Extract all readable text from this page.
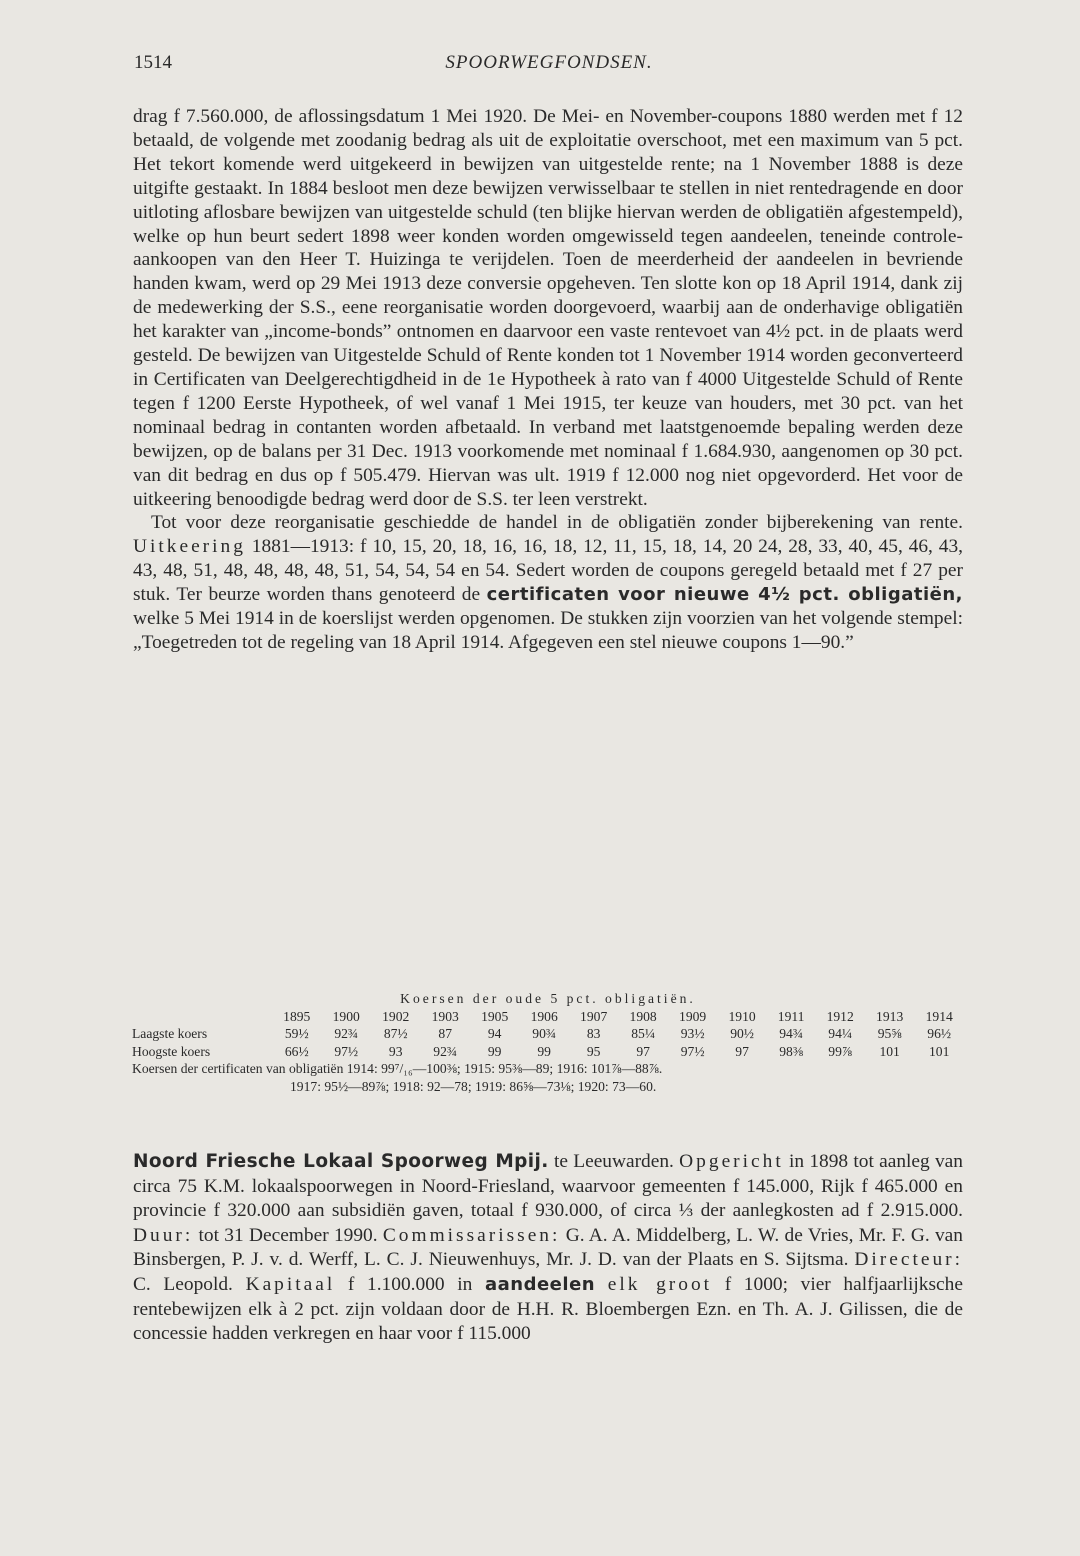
1514	SPOORWEGFONDSEN.

drag f 7.560.000, de aflossingsdatum 1 Mei 1920. De Mei- en November-coupons 1880 werden met f 12 betaald, de volgende met zoodanig bedrag als uit de exploitatie overschoot, met een maximum van 5 pct. Het tekort komende werd uitgekeerd in bewijzen van uitgestelde rente; na 1 November 1888 is deze uitgifte gestaakt. In 1884 besloot men deze bewijzen verwisselbaar te stellen in niet rentedragende en door uitloting aflosbare bewijzen van uitgestelde schuld (ten blijke hiervan werden de obligatiën afgestempeld), welke op hun beurt sedert 1898 weer konden worden omgewisseld tegen aandeelen, teneinde controle-aankoopen van den Heer T. Huizinga te verijdelen. Toen de meerderheid der aandeelen in bevriende handen kwam, werd op 29 Mei 1913 deze conversie opgeheven. Ten slotte kon op 18 April 1914, dank zij de medewerking der S.S., eene reorganisatie worden doorgevoerd, waarbij aan de onderhavige obligatiën het karakter van „income-bonds” ontnomen en daarvoor een vaste rentevoet van 4½ pct. in de plaats werd gesteld. De bewijzen van Uitgestelde Schuld of Rente konden tot 1 November 1914 worden geconverteerd in Certificaten van Deelgerechtigdheid in de 1e Hypotheek à rato van f 4000 Uitgestelde Schuld of Rente tegen f 1200 Eerste Hypotheek, of wel vanaf 1 Mei 1915, ter keuze van houders, met 30 pct. van het nominaal bedrag in contanten worden afbetaald. In verband met laatstgenoemde bepaling werden deze bewijzen, op de balans per 31 Dec. 1913 voorkomende met nominaal f 1.684.930, aangenomen op 30 pct. van dit bedrag en dus op f 505.479. Hiervan was ult. 1919 f 12.000 nog niet opgevorderd. Het voor de uitkeering benoodigde bedrag werd door de S.S. ter leen verstrekt.

Tot voor deze reorganisatie geschiedde de handel in de obligatiën zonder bijberekening van rente. Uitkeering 1881—1913: f 10, 15, 20, 18, 16, 16, 18, 12, 11, 15, 18, 14, 20 24, 28, 33, 40, 45, 46, 43, 43, 48, 51, 48, 48, 48, 48, 51, 54, 54, 54 en 54. Sedert worden de coupons geregeld betaald met f 27 per stuk. Ter beurze worden thans genoteerd de certificaten voor nieuwe 4½ pct. obligatiën, welke 5 Mei 1914 in de koerslijst werden opgenomen. De stukken zijn voorzien van het volgende stempel: „Toegetreden tot de regeling van 18 April 1914. Afgegeven een stel nieuwe coupons 1—90.”

Koersen der oude 5 pct. obligatiën.
	1895	1900	1902	1903	1905	1906	1907	1908	1909	1910	1911	1912	1913	1914
Laagste koers	59½	92¾	87½	87	94	90¾	83	85¼	93½	90½	94¾	94¼	95⅝	96½
Hoogste koers	66½	97½	93	92¾	99	99	95	97	97½	97	98⅜	99⅞	101	101

Koersen der certificaten van obligatiën 1914: 99⁷/₁₆—100⅜; 1915: 95⅜—89; 1916: 101⅞—88⅞.

1917: 95½—89⅞; 1918: 92—78; 1919: 86⅝—73⅛; 1920: 73—60.

Noord Friesche Lokaal Spoorweg Mpij. te Leeuwarden. Opgericht in 1898 tot aanleg van circa 75 K.M. lokaalspoorwegen in Noord-Friesland, waarvoor gemeenten f 145.000, Rijk f 465.000 en provincie f 320.000 aan subsidiën gaven, totaal f 930.000, of circa ⅓ der aanlegkosten ad f 2.915.000. Duur: tot 31 December 1990. Commissarissen: G. A. A. Middelberg, L. W. de Vries, Mr. F. G. van Binsbergen, P. J. v. d. Werff, L. C. J. Nieuwenhuys, Mr. J. D. van der Plaats en S. Sijtsma. Directeur: C. Leopold. Kapitaal f 1.100.000 in aandeelen elk groot f 1000; vier halfjaarlijksche rentebewijzen elk à 2 pct. zijn voldaan door de H.H. R. Bloembergen Ezn. en Th. A. J. Gilissen, die de concessie hadden verkregen en haar voor f 115.000
